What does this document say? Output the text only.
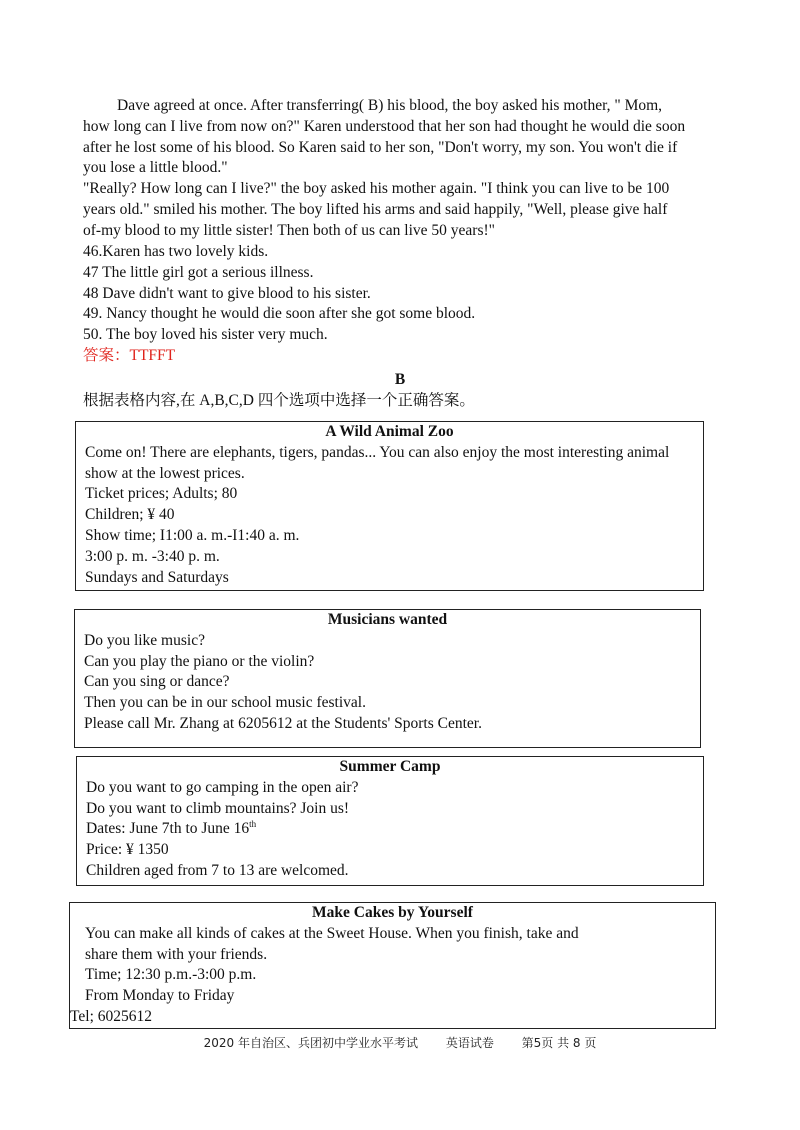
Dave agreed at once. After transferring( B) his blood, the boy asked his mother, " Mom,
how long can I live from now on?" Karen understood that her son had thought he would die soon
after he lost some of his blood. So Karen said to her son, "Don't worry, my son. You won't die if
you lose a little blood."
"Really? How long can I live?" the boy asked his mother again. "I think you can live to be 100
years old." smiled his mother. The boy lifted his arms and said happily, "Well, please give half
of-my blood to my little sister! Then both of us can live 50 years!"
46.Karen has two lovely kids.
47 The little girl got a serious illness.
48 Dave didn't want to give blood to his sister.
49. Nancy thought he would die soon after she got some blood.
50. The boy loved his sister very much.
答案：TTFFT
B
根据表格内容,在 A,B,C,D 四个选项中选择一个正确答案。
A Wild Animal Zoo
Come on! There are elephants, tigers, pandas... You can also enjoy the most interesting animal
show at the lowest prices.
Ticket prices; Adults; 80
Children; ¥ 40
Show time; I1:00 a. m.-I1:40 a. m.
3:00 p. m. -3:40 p. m.
Sundays and Saturdays
Musicians wanted
Do you like music?
Can you play the piano or the violin?
Can you sing or dance?
Then you can be in our school music festival.
Please call Mr. Zhang at 6205612 at the Students' Sports Center.
Summer Camp
Do you want to go camping in the open air?
Do you want to climb mountains? Join us!
Dates: June 7th to June 16th
Price: ¥ 1350
Children aged from 7 to 13 are welcomed.
Make Cakes by Yourself
You can make all kinds of cakes at the Sweet House. When you finish, take and
share them with your friends.
Time; 12:30 p.m.-3:00 p.m.
From Monday to Friday
Tel; 6025612
2020 年自治区、兵团初中学业水平考试 英语试卷 第5页 共 8 页
